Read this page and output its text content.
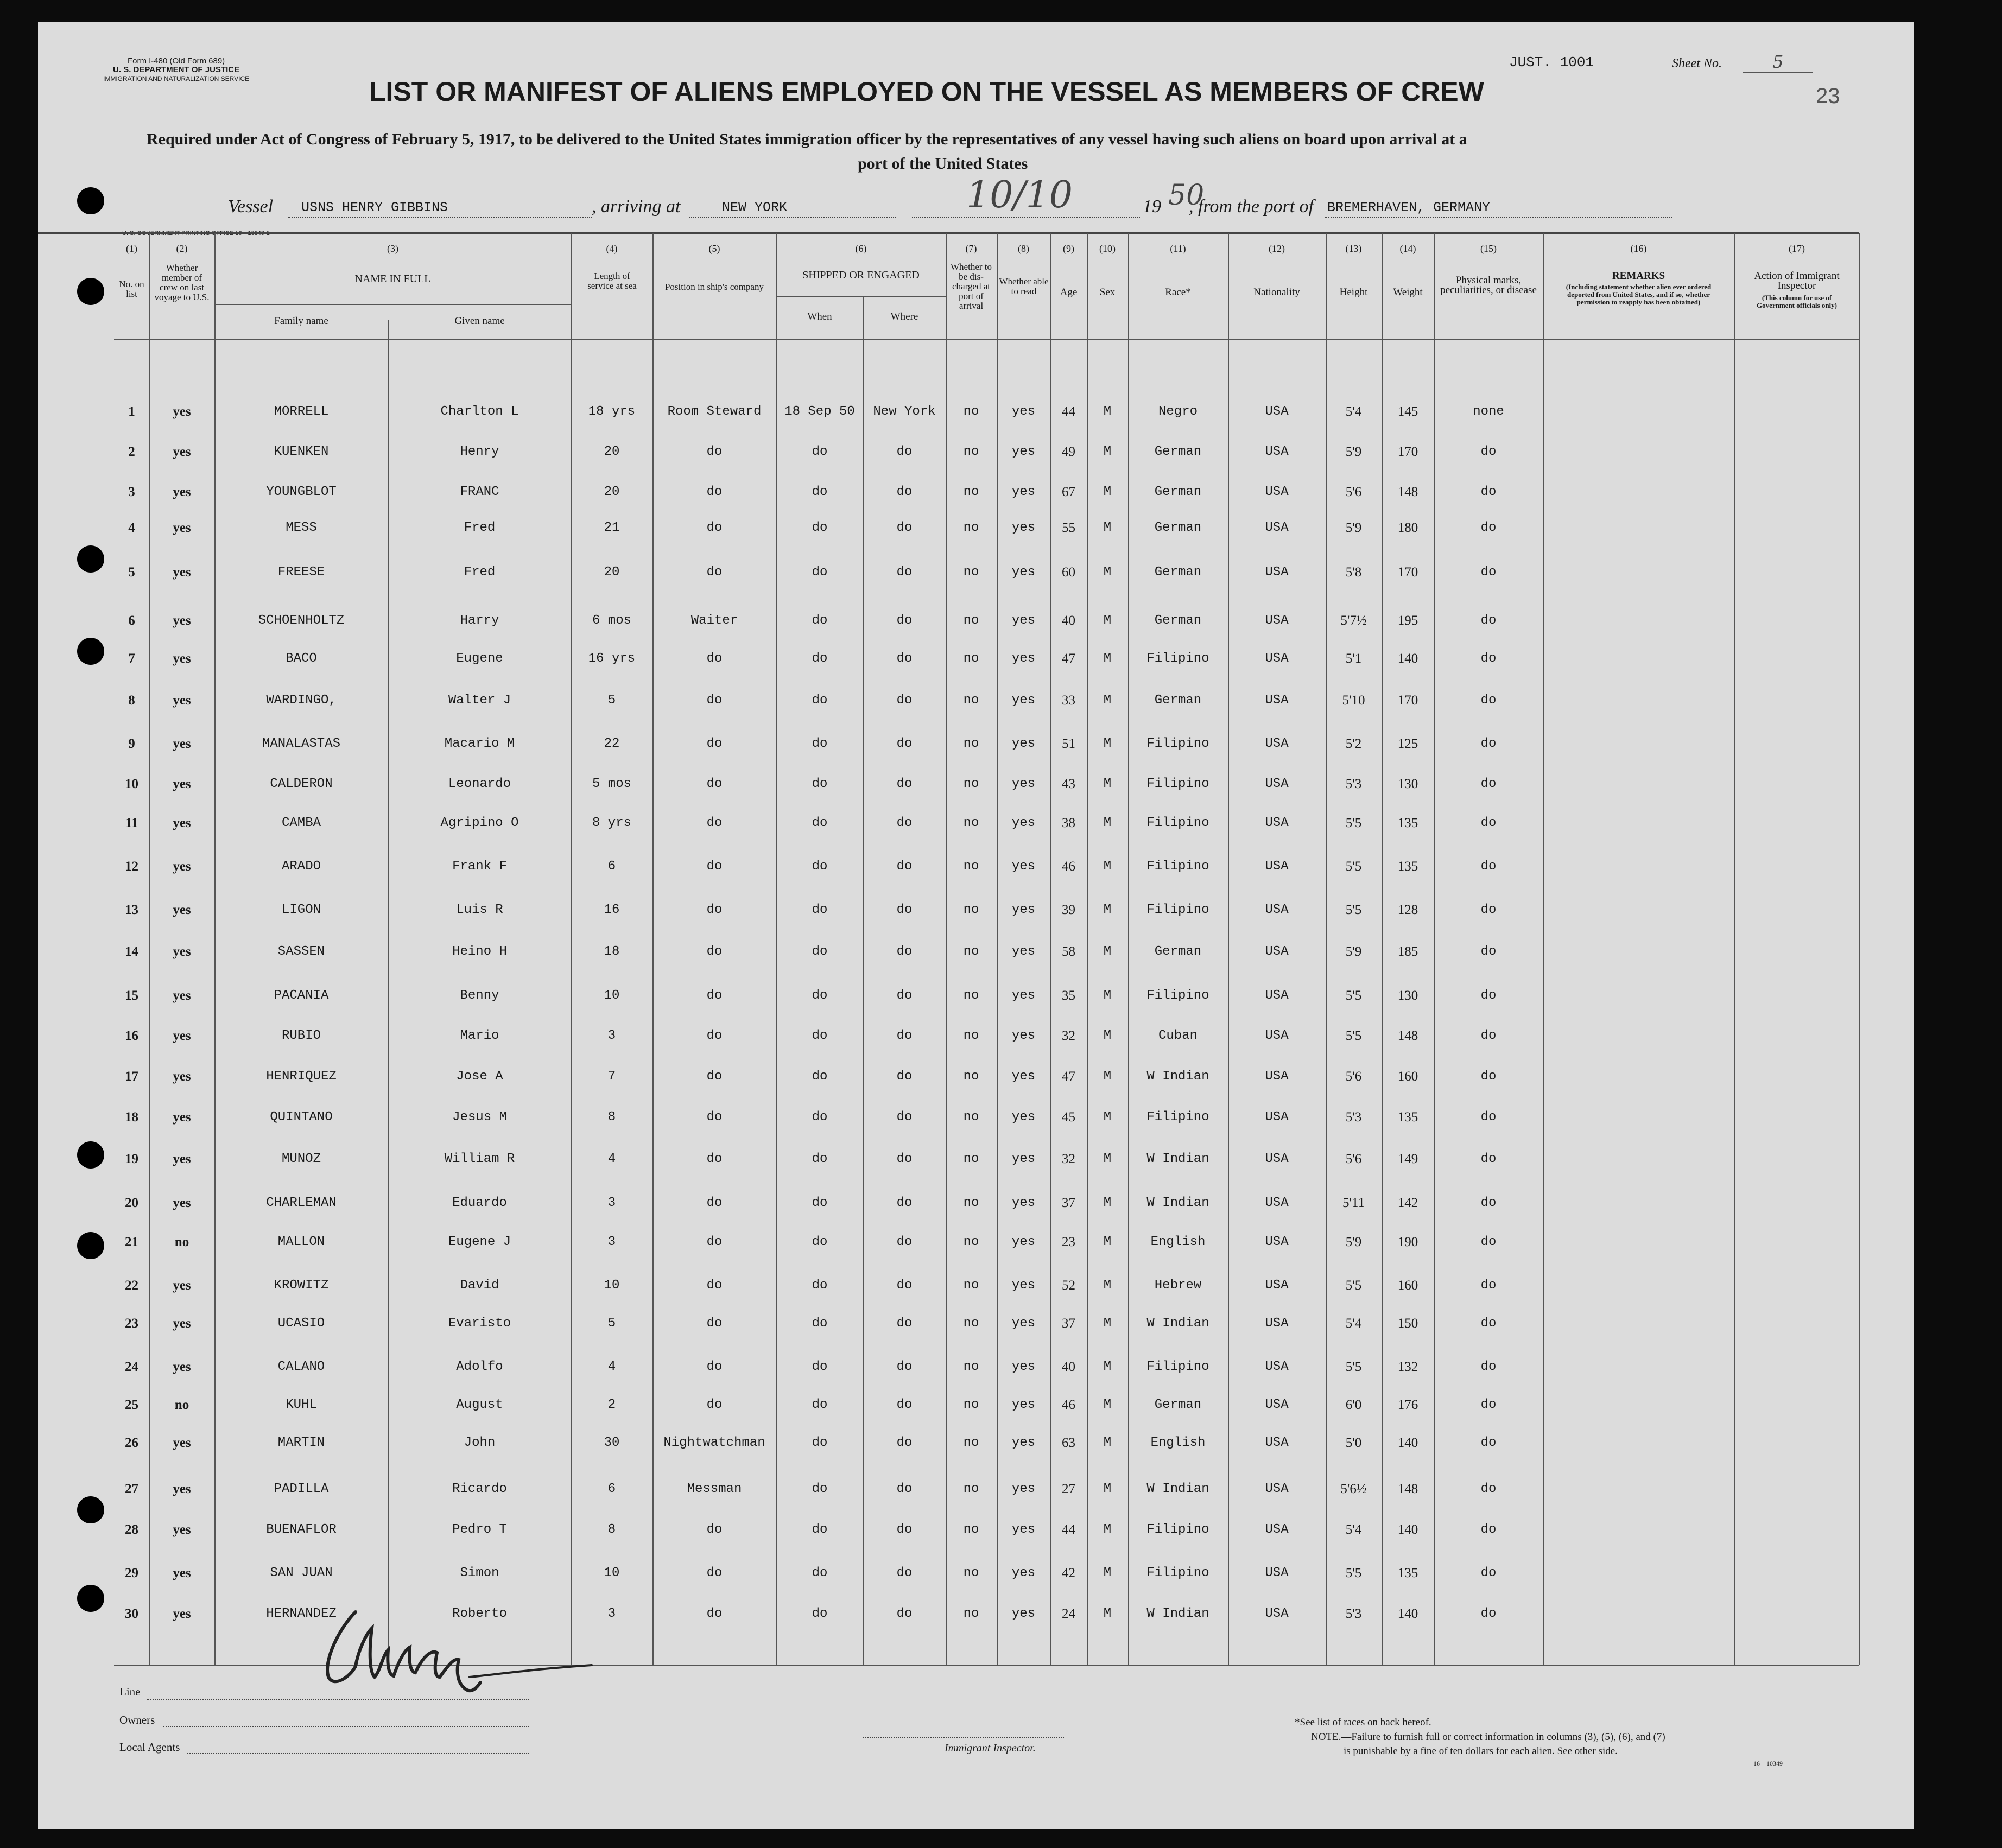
Form I-480 (Old Form 689)
U. S. DEPARTMENT OF JUSTICE
IMMIGRATION AND NATURALIZATION SERVICE
JUST. 1001	Sheet No.	5
23
LIST OR MANIFEST OF ALIENS EMPLOYED ON THE VESSEL AS MEMBERS OF CREW
Required under Act of Congress of February 5, 1917, to be delivered to the United States immigration officer by the representatives of any vessel having such aliens on board upon arrival at a
port of the United States
Vessel USNS HENRY GIBBINS	, arriving at	NEW YORK	10/10	19 50
, from the port of BREMERHAVEN, GERMANY
(1)	(2)	(3)	(4)	(5)	(6)	(7)	(8)	(9)	(10)	(11)	(12)	(13)	(14)	(15)	(16)	(17)
No. on list
Whether member of crew on last voyage to U.S.
NAME IN FULL
Family name	Given name
Length of service at sea	Position in ship's company
SHIPPED OR ENGAGED
When	Where
Whether to be dis-charged at port of arrival
Whether able to read	Age	Sex	Race*	Nationality	Height	Weight
Physical marks, peculiarities, or disease
REMARKS
(Including statement whether alien ever ordered deported from United States, and if so, whether permission to reapply has been obtained)
Action of Immigrant Inspector
(This column for use of Government officials only)
1	yes	MORRELL	Charlton L	18 yrs	Room Steward	18 Sep 50	New York	no	yes	44	M	Negro	USA	5'4	145	none
2	yes	KUENKEN	Henry	20	do	do	do	no	yes	49	M	German	USA	5'9	170	do
3	yes	YOUNGBLOT	FRANC	20	do	do	do	no	yes	67	M	German	USA	5'6	148	do
4	yes	MESS	Fred	21	do	do	do	no	yes	55	M	German	USA	5'9	180	do
5	yes	FREESE	Fred	20	do	do	do	no	yes	60	M	German	USA	5'8	170	do
6	yes	SCHOENHOLTZ	Harry	6 mos	Waiter	do	do	no	yes	40	M	German	USA	5'7½	195	do
7	yes	BACO	Eugene	16 yrs	do	do	do	no	yes	47	M	Filipino	USA	5'1	140	do
8	yes	WARDINGO,	Walter J	5	do	do	do	no	yes	33	M	German	USA	5'10	170	do
9	yes	MANALASTAS	Macario M	22	do	do	do	no	yes	51	M	Filipino	USA	5'2	125	do
10	yes	CALDERON	Leonardo	5 mos	do	do	do	no	yes	43	M	Filipino	USA	5'3	130	do
11	yes	CAMBA	Agripino O	8 yrs	do	do	do	no	yes	38	M	Filipino	USA	5'5	135	do
12	yes	ARADO	Frank F	6	do	do	do	no	yes	46	M	Filipino	USA	5'5	135	do
13	yes	LIGON	Luis R	16	do	do	do	no	yes	39	M	Filipino	USA	5'5	128	do
14	yes	SASSEN	Heino H	18	do	do	do	no	yes	58	M	German	USA	5'9	185	do
15	yes	PACANIA	Benny	10	do	do	do	no	yes	35	M	Filipino	USA	5'5	130	do
16	yes	RUBIO	Mario	3	do	do	do	no	yes	32	M	Cuban	USA	5'5	148	do
17	yes	HENRIQUEZ	Jose A	7	do	do	do	no	yes	47	M	W Indian	USA	5'6	160	do
18	yes	QUINTANO	Jesus M	8	do	do	do	no	yes	45	M	Filipino	USA	5'3	135	do
19	yes	MUNOZ	William R	4	do	do	do	no	yes	32	M	W Indian	USA	5'6	149	do
20	yes	CHARLEMAN	Eduardo	3	do	do	do	no	yes	37	M	W Indian	USA	5'11	142	do
21	no	MALLON	Eugene J	3	do	do	do	no	yes	23	M	English	USA	5'9	190	do
22	yes	KROWITZ	David	10	do	do	do	no	yes	52	M	Hebrew	USA	5'5	160	do
23	yes	UCASIO	Evaristo	5	do	do	do	no	yes	37	M	W Indian	USA	5'4	150	do
24	yes	CALANO	Adolfo	4	do	do	do	no	yes	40	M	Filipino	USA	5'5	132	do
25	no	KUHL	August	2	do	do	do	no	yes	46	M	German	USA	6'0	176	do
26	yes	MARTIN	John	30	Nightwatchman	do	do	no	yes	63	M	English	USA	5'0	140	do
27	yes	PADILLA	Ricardo	6	Messman	do	do	no	yes	27	M	W Indian	USA	5'6½	148	do
28	yes	BUENAFLOR	Pedro T	8	do	do	do	no	yes	44	M	Filipino	USA	5'4	140	do
29	yes	SAN JUAN	Simon	10	do	do	do	no	yes	42	M	Filipino	USA	5'5	135	do
30	yes	HERNANDEZ	Roberto	3	do	do	do	no	yes	24	M	W Indian	USA	5'3	140	do
Line
Owners
Local Agents	Immigrant Inspector.
*See list of races on back hereof.
NOTE.—Failure to furnish full or correct information in columns (3), (5), (6), and (7)
is punishable by a fine of ten dollars for each alien. See other side.
16—10349
